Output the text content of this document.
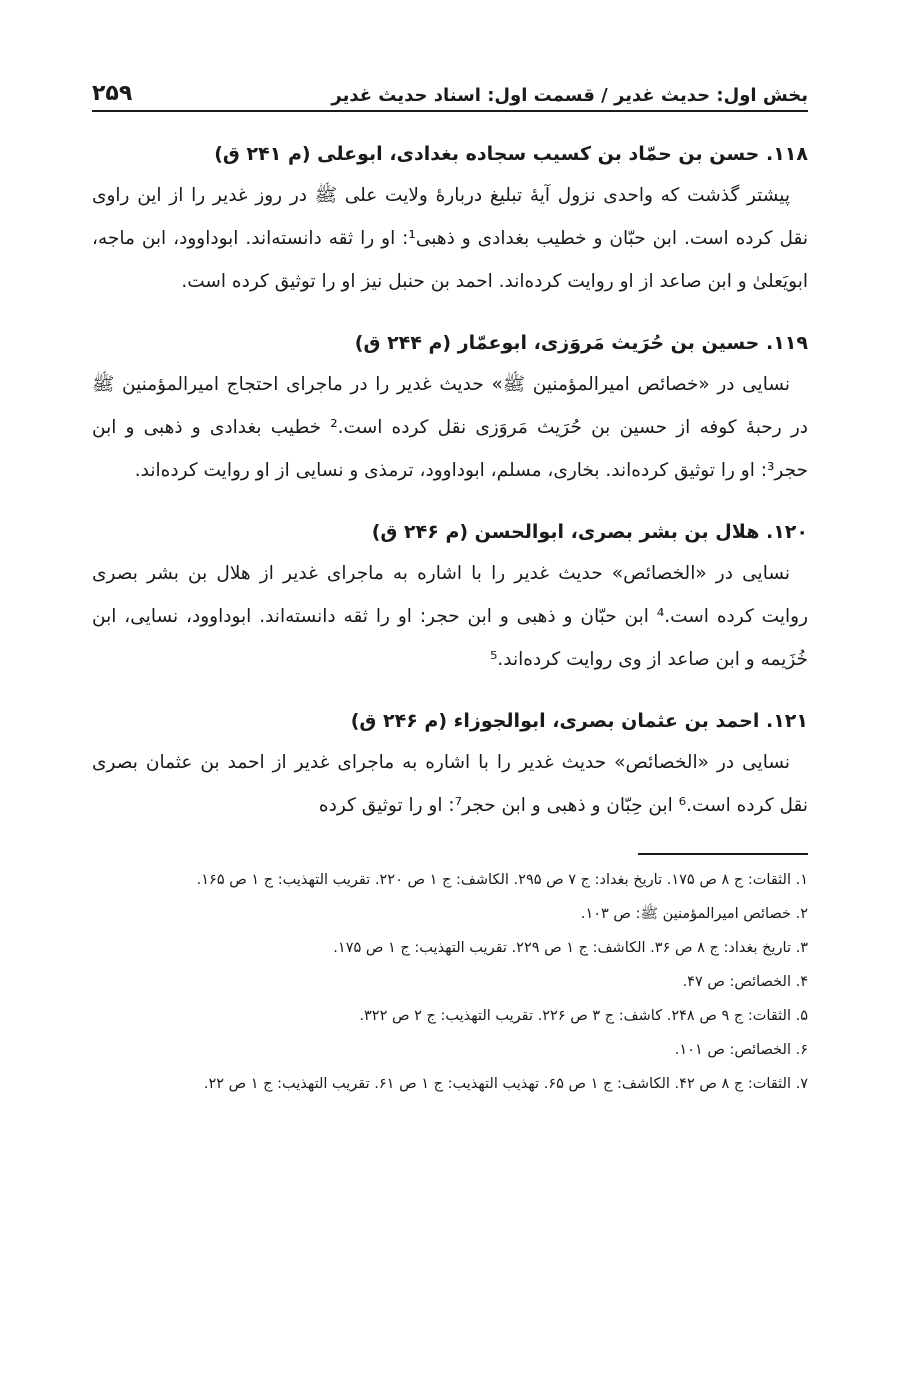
بخش اول: حدیث غدیر / قسمت اول: اسناد حدیث غدیر
۲۵۹
۱۱۸. حسن بن حمّاد بن کسیب سجاده بغدادی، ابوعلی (م ۲۴۱ ق)
پیشتر گذشت که واحدی نزول آیهٔ تبلیغ دربارهٔ ولایت علی ﷺ در روز غدیر را از این راوی نقل کرده است. ابن حبّان و خطیب بغدادی و ذهبی¹: او را ثقه دانسته‌اند. ابوداوود، ابن ماجه، ابویَعلیٰ و ابن صاعد از او روایت کرده‌اند. احمد بن حنبل نیز او را توثیق کرده است.
۱۱۹. حسین بن حُرَیث مَروَزی، ابوعمّار (م ۲۴۴ ق)
نسایی در «خصائص امیرالمؤمنین ﷺ» حدیث غدیر را در ماجرای احتجاج امیرالمؤمنین ﷺ در رحبهٔ کوفه از حسین بن حُرَیث مَروَزی نقل کرده است.² خطیب بغدادی و ذهبی و ابن حجر³: او را توثیق کرده‌اند. بخاری، مسلم، ابوداوود، ترمذی و نسایی از او روایت کرده‌اند.
۱۲۰. هلال بن بشر بصری، ابوالحسن (م ۲۴۶ ق)
نسایی در «الخصائص» حدیث غدیر را با اشاره به ماجرای غدیر از هلال بن بشر بصری روایت کرده است.⁴ ابن حبّان و ذهبی و ابن حجر: او را ثقه دانسته‌اند. ابوداوود، نسایی، ابن خُزَیمه و ابن صاعد از وی روایت کرده‌اند.⁵
۱۲۱. احمد بن عثمان بصری، ابوالجوزاء (م ۲۴۶ ق)
نسایی در «الخصائص» حدیث غدیر را با اشاره به ماجرای غدیر از احمد بن عثمان بصری نقل کرده است.⁶ ابن حِبّان و ذهبی و ابن حجر⁷: او را توثیق کرده
۱. الثقات: ج ۸ ص ۱۷۵. تاریخ بغداد: ج ۷ ص ۲۹۵. الکاشف: ج ۱ ص ۲۲۰. تقریب التهذیب: ج ۱ ص ۱۶۵.
۲. خصائص امیرالمؤمنین ﷺ: ص ۱۰۳.
۳. تاریخ بغداد: ج ۸ ص ۳۶. الکاشف: ج ۱ ص ۲۲۹. تقریب التهذیب: ج ۱ ص ۱۷۵.
۴. الخصائص: ص ۴۷.
۵. الثقات: ج ۹ ص ۲۴۸. کاشف: ج ۳ ص ۲۲۶. تقریب التهذیب: ج ۲ ص ۳۲۲.
۶. الخصائص: ص ۱۰۱.
۷. الثقات: ج ۸ ص ۴۲. الکاشف: ج ۱ ص ۶۵. تهذیب التهذیب: ج ۱ ص ۶۱. تقریب التهذیب: ج ۱ ص ۲۲.
